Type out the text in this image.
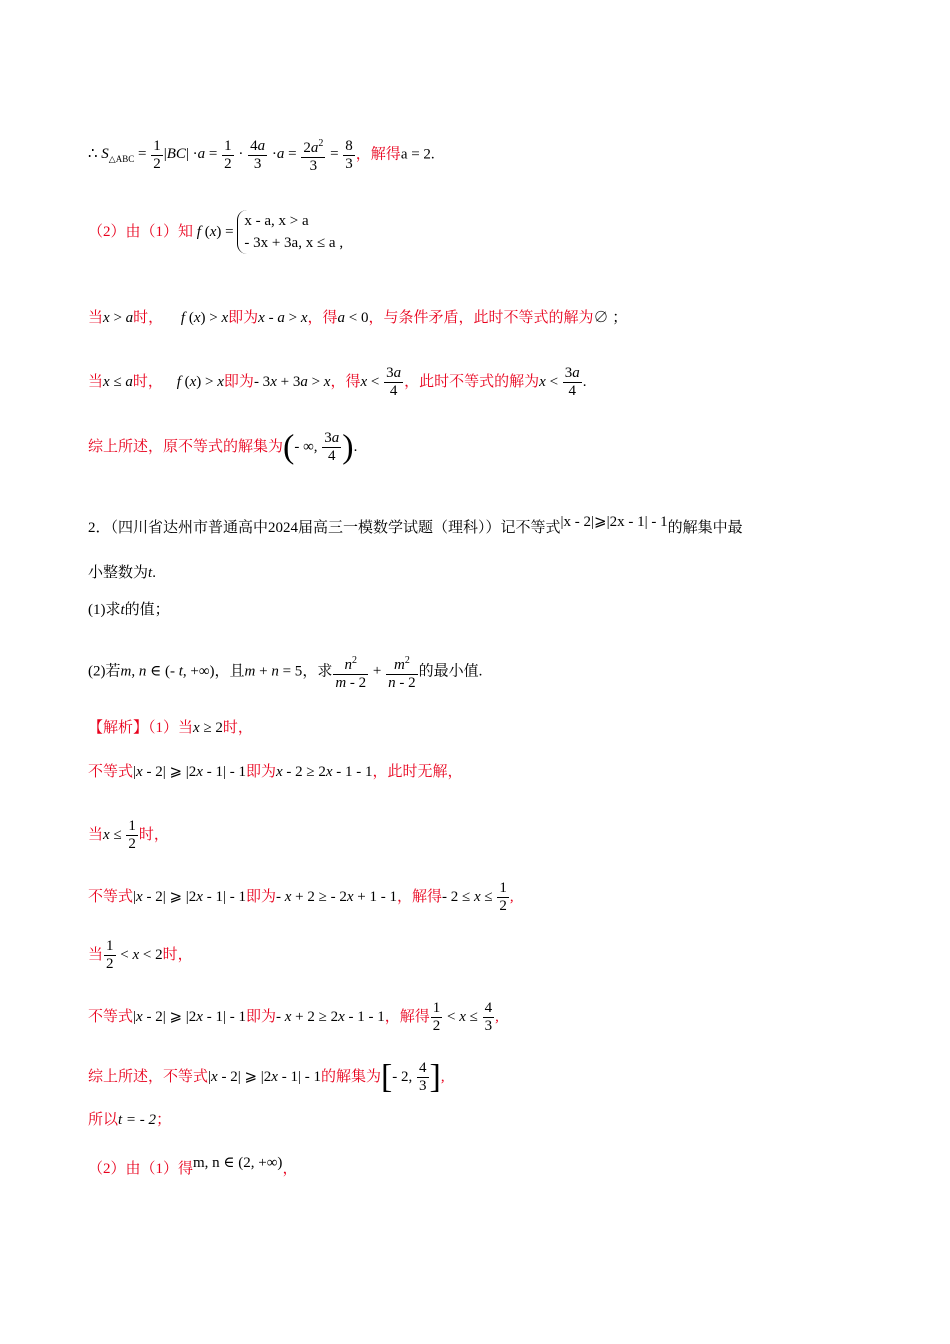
∴ $S_{\triangle ABC} = \frac{1}{2} |BC| \cdot a = \frac{1}{2} \cdot \frac{4a}{3} \cdot a = \frac{2a^2}{3} = \frac{8}{3}$ ，解得a = 2.
（2）由（1）知 f (x) =
x - a, x > a
- 3x + 3a, x ≤ a ,
当x > a时， f (x) > x即为x - a > x，得a < 0，与条件矛盾，此时不等式的解为∅ ；
当x ≤ a时， f (x) > x即为- 3x + 3a > x，得$x < \frac{3a}{4}$ ，此时不等式的解为$x < \frac{3a}{4}$ .
综上所述，原不等式的解集为(- ∞, $\frac{3a}{4}$ ).
2．（四川省达州市普通高中2024届高三一模数学试题（理科））记不等式|x - 2|⩾|2x - 1| - 1的解集中最
小整数为t.
(1)求t的值；
(2)若m, n ∈ (- t, +∞)，且m + n = 5，求 $\frac{n^2}{m - 2} + \frac{m^2}{n - 2}$ 的最小值.
【解析】（1）当x ≥ 2时，
不等式|x - 2| ⩾ |2x - 1| - 1即为x - 2 ≥ 2x - 1 - 1，此时无解，
当$x \le \frac{1}{2}$ 时，
不等式|x - 2| ⩾ |2x - 1| - 1即为- x + 2 ≥ - 2x + 1 - 1，解得- $2 \le x \le \frac{1}{2}$ ,
当 $\frac{1}{2} < x < 2$时，
不等式|x - 2| ⩾ |2x - 1| - 1即为- x + 2 ≥ 2x - 1 - 1，解得 $\frac{1}{2} < x \le \frac{4}{3}$ ,
综上所述，不等式|x - 2| ⩾ |2x - 1| - 1的解集为[- 2, $\frac{4}{3}$ ],
所以t = - 2；
（2）由（1）得m, n ∈ (2, +∞)，
